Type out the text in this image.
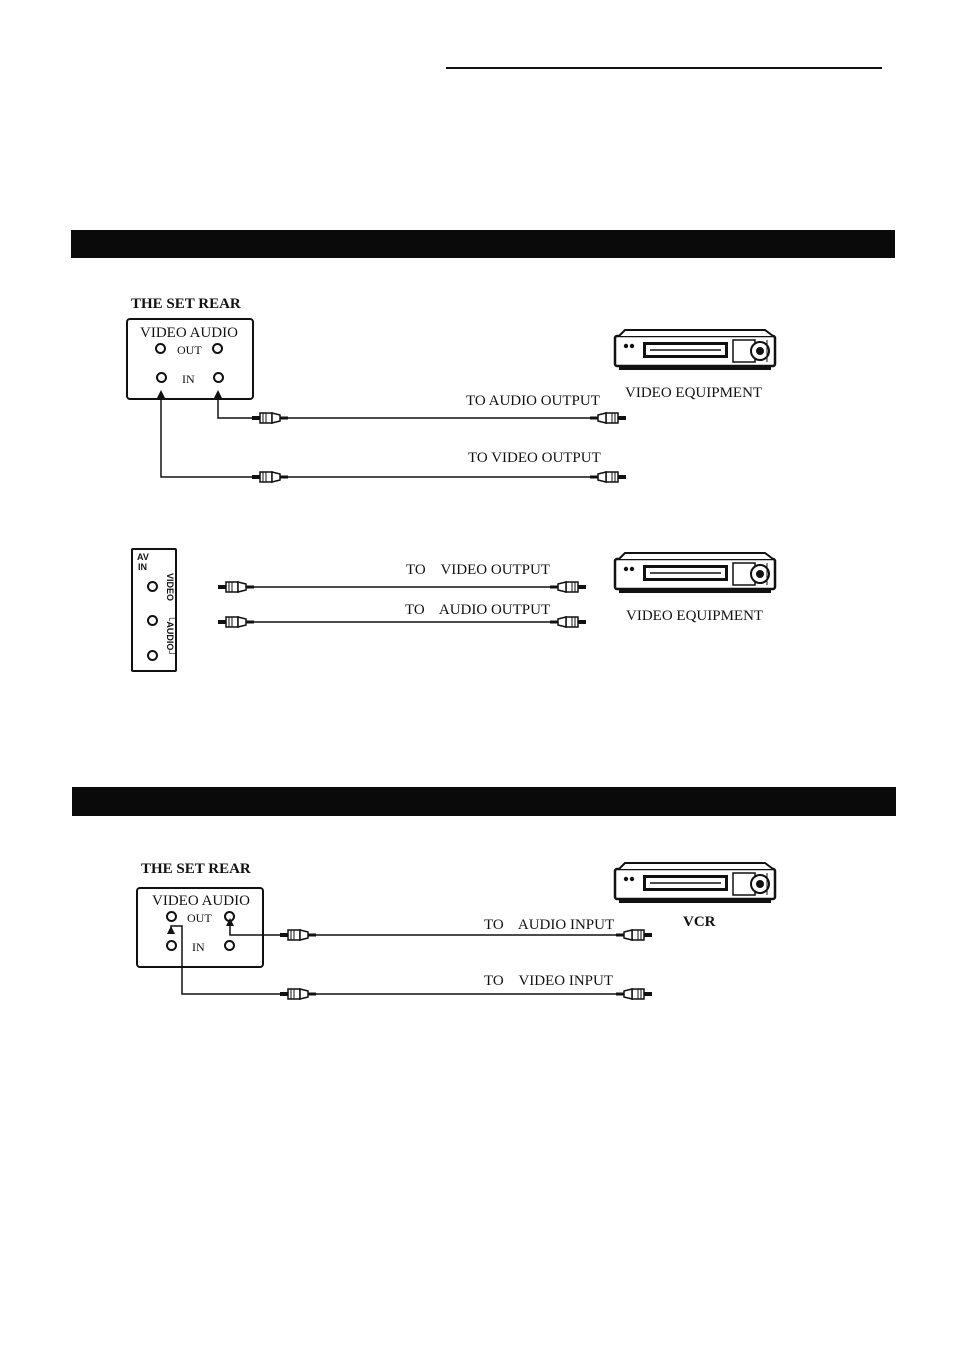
THE SET REAR
VIDEO AUDIO
OUT
IN
TO AUDIO OUTPUT
TO VIDEO OUTPUT
VIDEO EQUIPMENT
AV
IN
VIDEO
└AUDIO┘
TO    VIDEO OUTPUT
TO    AUDIO OUTPUT	VIDEO EQUIPMENT
THE SET REAR
VIDEO AUDIO
OUT
IN
TO    AUDIO INPUT
TO    VIDEO INPUT
VCR
